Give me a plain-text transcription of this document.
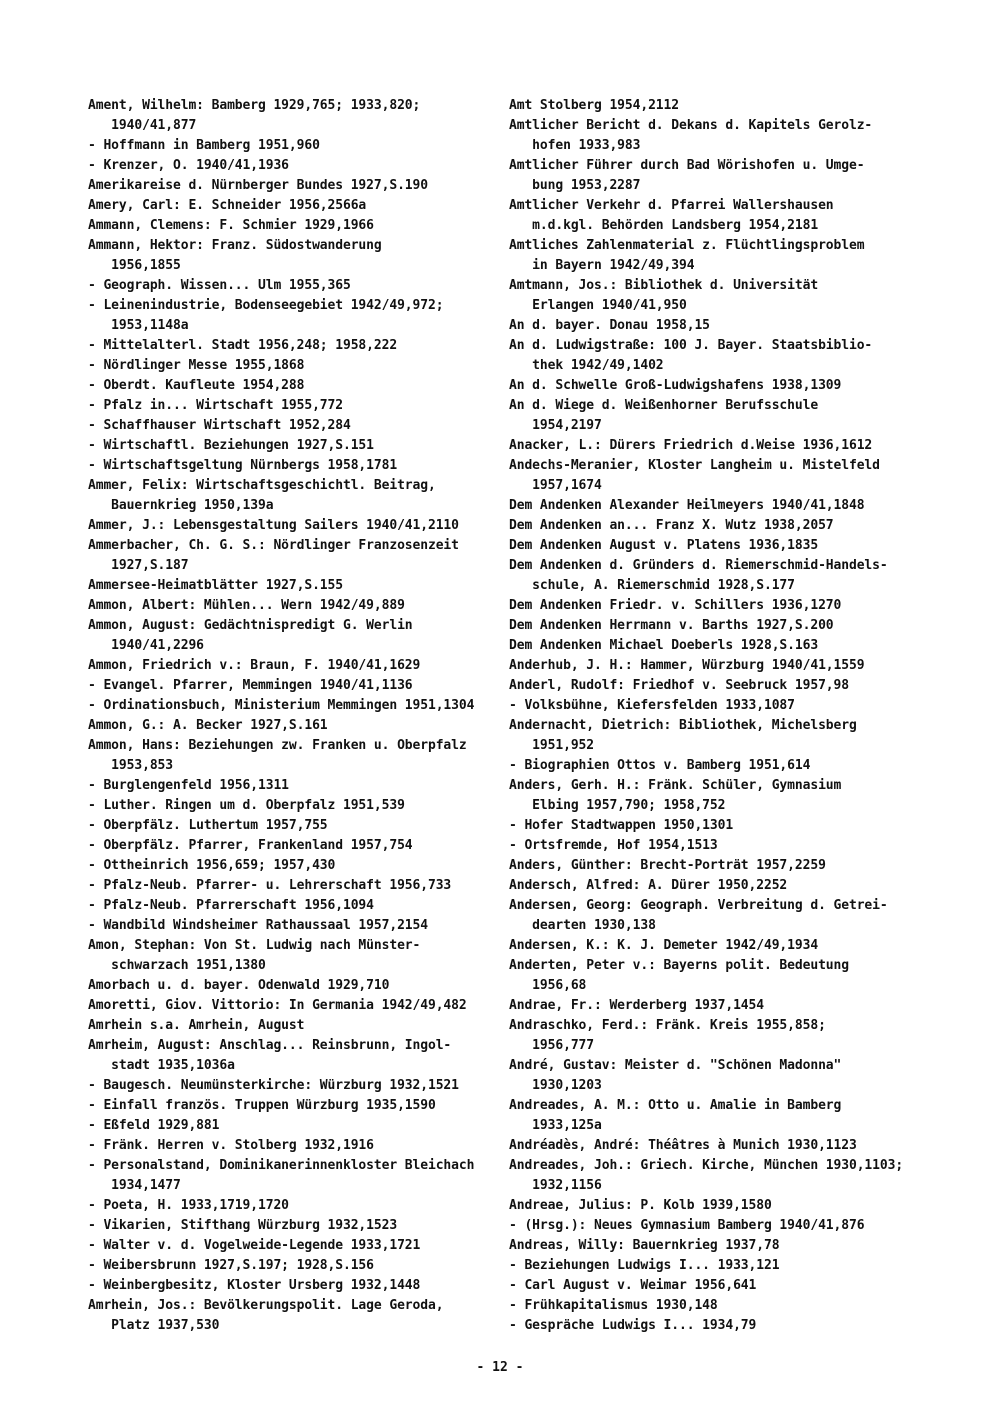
Ament, Wilhelm: Bamberg 1929,765; 1933,820;
1940/41,877
- Hoffmann in Bamberg 1951,960
- Krenzer, O. 1940/41,1936
Amerikareise d. Nürnberger Bundes 1927,S.190
Amery, Carl: E. Schneider 1956,2566a
Ammann, Clemens: F. Schmier 1929,1966
Ammann, Hektor: Franz. Südostwanderung
1956,1855
- Geograph. Wissen... Ulm 1955,365
- Leinenindustrie, Bodenseegebiet 1942/49,972;
1953,1148a
- Mittelalterl. Stadt 1956,248; 1958,222
- Nördlinger Messe 1955,1868
- Oberdt. Kaufleute 1954,288
- Pfalz in... Wirtschaft 1955,772
- Schaffhauser Wirtschaft 1952,284
- Wirtschaftl. Beziehungen 1927,S.151
- Wirtschaftsgeltung Nürnbergs 1958,1781
Ammer, Felix: Wirtschaftsgeschichtl. Beitrag,
Bauernkrieg 1950,139a
Ammer, J.: Lebensgestaltung Sailers 1940/41,2110
Ammerbacher, Ch. G. S.: Nördlinger Franzosenzeit
1927,S.187
Ammersee-Heimatblätter 1927,S.155
Ammon, Albert: Mühlen... Wern 1942/49,889
Ammon, August: Gedächtnispredigt G. Werlin
1940/41,2296
Ammon, Friedrich v.: Braun, F. 1940/41,1629
- Evangel. Pfarrer, Memmingen 1940/41,1136
- Ordinationsbuch, Ministerium Memmingen 1951,1304
Ammon, G.: A. Becker 1927,S.161
Ammon, Hans: Beziehungen zw. Franken u. Oberpfalz
1953,853
- Burglengenfeld 1956,1311
- Luther. Ringen um d. Oberpfalz 1951,539
- Oberpfälz. Luthertum 1957,755
- Oberpfälz. Pfarrer, Frankenland 1957,754
- Ottheinrich 1956,659; 1957,430
- Pfalz-Neub. Pfarrer- u. Lehrerschaft 1956,733
- Pfalz-Neub. Pfarrerschaft 1956,1094
- Wandbild Windsheimer Rathaussaal 1957,2154
Amon, Stephan: Von St. Ludwig nach Münster-
schwarzach 1951,1380
Amorbach u. d. bayer. Odenwald 1929,710
Amoretti, Giov. Vittorio: In Germania 1942/49,482
Amrhein s.a. Amrhein, August
Amrheim, August: Anschlag... Reinsbrunn, Ingol-
stadt 1935,1036a
- Baugesch. Neumünsterkirche: Würzburg 1932,1521
- Einfall französ. Truppen Würzburg 1935,1590
- Eßfeld 1929,881
- Fränk. Herren v. Stolberg 1932,1916
- Personalstand, Dominikanerinnenkloster Bleichach
1934,1477
- Poeta, H. 1933,1719,1720
- Vikarien, Stifthang Würzburg 1932,1523
- Walter v. d. Vogelweide-Legende 1933,1721
- Weibersbrunn 1927,S.197; 1928,S.156
- Weinbergbesitz, Kloster Ursberg 1932,1448
Amrhein, Jos.: Bevölkerungspolit. Lage Geroda,
Platz 1937,530
Amt Stolberg 1954,2112
Amtlicher Bericht d. Dekans d. Kapitels Gerolz-
hofen 1933,983
Amtlicher Führer durch Bad Wörishofen u. Umge-
bung 1953,2287
Amtlicher Verkehr d. Pfarrei Wallershausen
m.d.kgl. Behörden Landsberg 1954,2181
Amtliches Zahlenmaterial z. Flüchtlingsproblem
in Bayern 1942/49,394
Amtmann, Jos.: Bibliothek d. Universität
Erlangen 1940/41,950
An d. bayer. Donau 1958,15
An d. Ludwigstraße: 100 J. Bayer. Staatsbiblio-
thek 1942/49,1402
An d. Schwelle Groß-Ludwigshafens 1938,1309
An d. Wiege d. Weißenhorner Berufsschule
1954,2197
Anacker, L.: Dürers Friedrich d.Weise 1936,1612
Andechs-Meranier, Kloster Langheim u. Mistelfeld
1957,1674
Dem Andenken Alexander Heilmeyers 1940/41,1848
Dem Andenken an... Franz X. Wutz 1938,2057
Dem Andenken August v. Platens 1936,1835
Dem Andenken d. Gründers d. Riemerschmid-Handels-
schule, A. Riemerschmid 1928,S.177
Dem Andenken Friedr. v. Schillers 1936,1270
Dem Andenken Herrmann v. Barths 1927,S.200
Dem Andenken Michael Doeberls 1928,S.163
Anderhub, J. H.: Hammer, Würzburg 1940/41,1559
Anderl, Rudolf: Friedhof v. Seebruck 1957,98
- Volksbühne, Kiefersfelden 1933,1087
Andernacht, Dietrich: Bibliothek, Michelsberg
1951,952
- Biographien Ottos v. Bamberg 1951,614
Anders, Gerh. H.: Fränk. Schüler, Gymnasium
Elbing 1957,790; 1958,752
- Hofer Stadtwappen 1950,1301
- Ortsfremde, Hof 1954,1513
Anders, Günther: Brecht-Porträt 1957,2259
Andersch, Alfred: A. Dürer 1950,2252
Andersen, Georg: Geograph. Verbreitung d. Getrei-
dearten 1930,138
Andersen, K.: K. J. Demeter 1942/49,1934
Anderten, Peter v.: Bayerns polit. Bedeutung
1956,68
Andrae, Fr.: Werderberg 1937,1454
Andraschko, Ferd.: Fränk. Kreis 1955,858;
1956,777
André, Gustav: Meister d. "Schönen Madonna"
1930,1203
Andreades, A. M.: Otto u. Amalie in Bamberg
1933,125a
Andréadès, André: Théâtres à Munich 1930,1123
Andreades, Joh.: Griech. Kirche, München 1930,1103;
1932,1156
Andreae, Julius: P. Kolb 1939,1580
- (Hrsg.): Neues Gymnasium Bamberg 1940/41,876
Andreas, Willy: Bauernkrieg 1937,78
- Beziehungen Ludwigs I... 1933,121
- Carl August v. Weimar 1956,641
- Frühkapitalismus 1930,148
- Gespräche Ludwigs I... 1934,79
- 12 -
